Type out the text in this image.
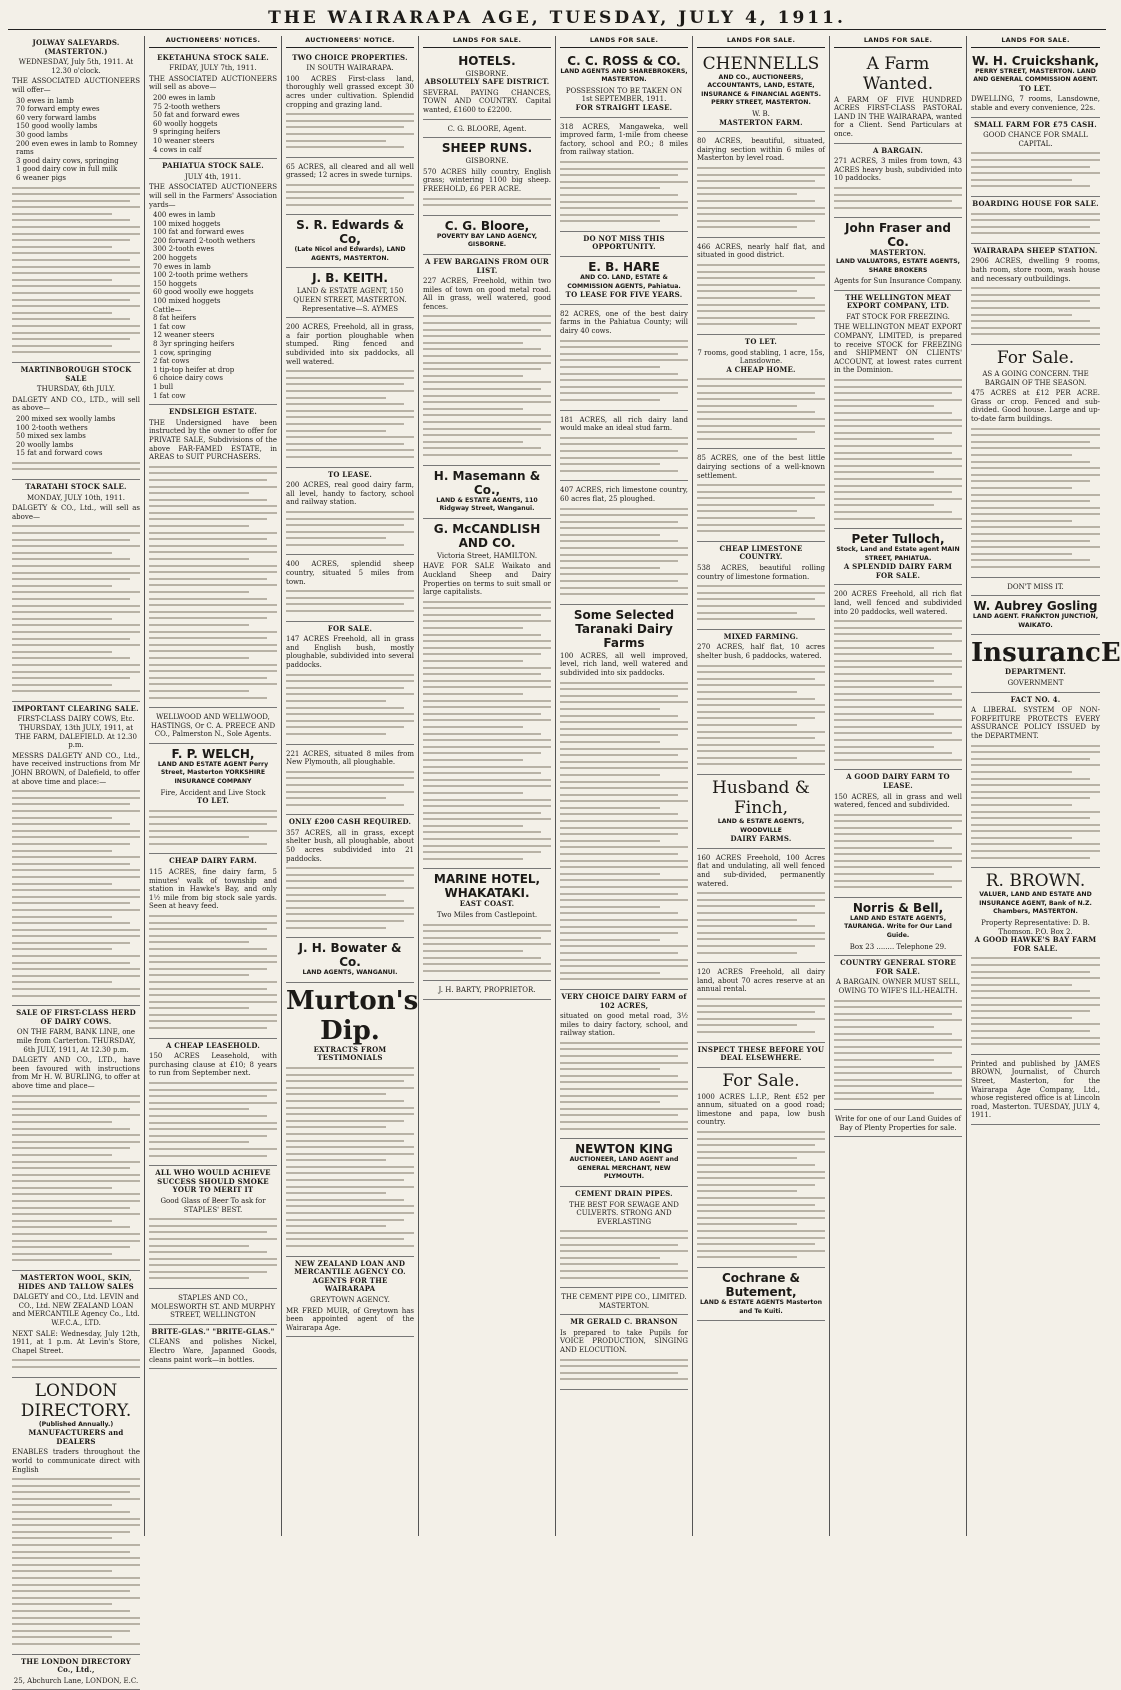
THE WAIRARAPA AGE, TUESDAY, JULY 4, 1911.
JOLWAY SALEYARDS. (MASTERTON.)
WEDNESDAY, July 5th, 1911. At 12.30 o'clock.
THE ASSOCIATED AUCTIONEERS will offer—
30 ewes in lamb
70 forward empty ewes
60 very forward lambs
150 good woolly lambs
30 good lambs
200 even ewes in lamb to Romney rams
3 good dairy cows, springing
1 good dairy cow in full milk
6 weaner pigs
MARTINBOROUGH STOCK SALE
THURSDAY, 6th JULY.
DALGETY AND CO., LTD., will sell as above—
200 mixed sex woolly lambs
100 2-tooth wethers
50 mixed sex lambs
20 woolly lambs
15 fat and forward cows
TARATAHI STOCK SALE.
MONDAY, JULY 10th, 1911.
DALGETY & CO., Ltd., will sell as above—
IMPORTANT CLEARING SALE.
FIRST-CLASS DAIRY COWS, Etc. THURSDAY, 13th JULY, 1911, at THE FARM, DALEFIELD. At 12.30 p.m.
MESSRS DALGETY AND CO., Ltd., have received instructions from Mr JOHN BROWN, of Dalefield, to offer at above time and place:—
SALE OF FIRST-CLASS HERD OF DAIRY COWS.
ON THE FARM, BANK LINE, one mile from Carterton. THURSDAY, 6th JULY, 1911, At 12.30 p.m.
DALGETY AND CO., LTD., have been favoured with instructions from Mr H. W. BURLING, to offer at above time and place—
MASTERTON WOOL, SKIN, HIDES AND TALLOW SALES
DALGETY and CO., Ltd. LEVIN and CO., Ltd. NEW ZEALAND LOAN and MERCANTILE Agency Co., Ltd. W.F.C.A., LTD.
NEXT SALE: Wednesday, July 12th, 1911, at 1 p.m. At Levin's Store, Chapel Street.
LONDON DIRECTORY.
(Published Annually.)
MANUFACTURERS and DEALERS
ENABLES traders throughout the world to communicate direct with English
THE LONDON DIRECTORY Co., Ltd.,
25, Abchurch Lane, LONDON, E.C.
AUCTIONEERS' NOTICES.
EKETAHUNA STOCK SALE.
FRIDAY, JULY 7th, 1911.
THE ASSOCIATED AUCTIONEERS will sell as above—
200 ewes in lamb
75 2-tooth wethers
50 fat and forward ewes
60 woolly hoggets
9 springing heifers
10 weaner steers
4 cows in calf
PAHIATUA STOCK SALE.
JULY 4th, 1911.
THE ASSOCIATED AUCTIONEERS will sell in the Farmers' Association yards—
400 ewes in lamb
100 mixed hoggets
100 fat and forward ewes
200 forward 2-tooth wethers
300 2-tooth ewes
200 hoggets
70 ewes in lamb
100 2-tooth prime wethers
150 hoggets
60 good woolly ewe hoggets
100 mixed hoggets
Cattle—
8 fat heifers
1 fat cow
12 weaner steers
8 3yr springing heifers
1 cow, springing
2 fat cows
1 tip-top heifer at drop
6 choice dairy cows
1 bull
1 fat cow
ENDSLEIGH ESTATE.
THE Undersigned have been instructed by the owner to offer for PRIVATE SALE, Subdivisions of the above FAR-FAMED ESTATE, in AREAS to SUIT PURCHASERS.
WELLWOOD AND WELLWOOD, HASTINGS, Or C. A. PREECE AND CO., Palmerston N., Sole Agents.
F. P. WELCH,
LAND AND ESTATE AGENT Perry Street, Masterton YORKSHIRE INSURANCE COMPANY
Fire, Accident and Live Stock
TO LET.
CHEAP DAIRY FARM.
115 ACRES, fine dairy farm, 5 minutes' walk of township and station in Hawke's Bay, and only 1½ mile from big stock sale yards. Seen at heavy feed.
A CHEAP LEASEHOLD.
150 ACRES Leasehold, with purchasing clause at £10; 8 years to run from September next.
ALL WHO WOULD ACHIEVE SUCCESS SHOULD SMOKE YOUR TO MERIT IT
Good Glass of Beer To ask for STAPLES' BEST.
STAPLES AND CO., MOLESWORTH ST. AND MURPHY STREET, WELLINGTON
BRITE-GLAS." "BRITE-GLAS."
CLEANS and polishes Nickel, Electro Ware, Japanned Goods, cleans paint work—in bottles.
AUCTIONEERS' NOTICE.
TWO CHOICE PROPERTIES.
IN SOUTH WAIRARAPA.
100 ACRES First-class land, thoroughly well grassed except 30 acres under cultivation. Splendid cropping and grazing land.
65 ACRES, all cleared and all well grassed; 12 acres in swede turnips.
S. R. Edwards & Co,
(Late Nicol and Edwards), LAND AGENTS, MASTERTON.
J. B. KEITH.
LAND & ESTATE AGENT, 150 QUEEN STREET, MASTERTON. Representative—S. AYMES
200 ACRES, Freehold, all in grass, a fair portion ploughable when stumped. Ring fenced and subdivided into six paddocks, all well watered.
TO LEASE.
200 ACRES, real good dairy farm, all level, handy to factory, school and railway station.
400 ACRES, splendid sheep country, situated 5 miles from town.
FOR SALE.
147 ACRES Freehold, all in grass and English bush, mostly ploughable, subdivided into several paddocks.
221 ACRES, situated 8 miles from New Plymouth, all ploughable.
ONLY £200 CASH REQUIRED.
357 ACRES, all in grass, except shelter bush, all ploughable, about 50 acres subdivided into 21 paddocks.
J. H. Bowater & Co.
LAND AGENTS, WANGANUI.
Murton's Dip.
EXTRACTS FROM TESTIMONIALS
NEW ZEALAND LOAN AND MERCANTILE AGENCY CO. AGENTS FOR THE WAIRARAPA
GREYTOWN AGENCY.
MR FRED MUIR, of Greytown has been appointed agent of the Wairarapa Age.
LANDS FOR SALE.
HOTELS.
GISBORNE.
ABSOLUTELY SAFE DISTRICT.
SEVERAL PAYING CHANCES, TOWN AND COUNTRY. Capital wanted, £1600 to £2200.
C. G. BLOORE, Agent.
SHEEP RUNS.
GISBORNE.
570 ACRES hilly country, English grass; wintering 1100 big sheep. FREEHOLD, £6 PER ACRE.
C. G. Bloore,
POVERTY BAY LAND AGENCY, GISBORNE.
A FEW BARGAINS FROM OUR LIST.
227 ACRES, Freehold, within two miles of town on good metal road. All in grass, well watered, good fences.
H. Masemann & Co.,
LAND & ESTATE AGENTS, 110 Ridgway Street, Wanganui.
G. McCANDLISH AND CO.
Victoria Street, HAMILTON.
HAVE FOR SALE Waikato and Auckland Sheep and Dairy Properties on terms to suit small or large capitalists.
MARINE HOTEL, WHAKATAKI.
EAST COAST.
Two Miles from Castlepoint.
J. H. BARTY, PROPRIETOR.
LANDS FOR SALE.
C. C. ROSS & CO.
LAND AGENTS AND SHAREBROKERS, MASTERTON.
POSSESSION TO BE TAKEN ON 1st SEPTEMBER, 1911.
FOR STRAIGHT LEASE.
318 ACRES, Mangaweka, well improved farm, 1-mile from cheese factory, school and P.O.; 8 miles from railway station.
DO NOT MISS THIS OPPORTUNITY.
E. B. HARE
AND CO. LAND, ESTATE & COMMISSION AGENTS, Pahiatua.
TO LEASE FOR FIVE YEARS.
82 ACRES, one of the best dairy farms in the Pahiatua County; will dairy 40 cows.
181 ACRES, all rich dairy land would make an ideal stud farm.
407 ACRES, rich limestone country, 60 acres flat, 25 ploughed.
Some Selected Taranaki Dairy Farms
100 ACRES, all well improved, level, rich land, well watered and subdivided into six paddocks.
VERY CHOICE DAIRY FARM of 102 ACRES,
situated on good metal road, 3½ miles to dairy factory, school, and railway station.
NEWTON KING
AUCTIONEER, LAND AGENT and GENERAL MERCHANT, NEW PLYMOUTH.
CEMENT DRAIN PIPES.
THE BEST FOR SEWAGE AND CULVERTS. STRONG AND EVERLASTING
THE CEMENT PIPE CO., LIMITED. MASTERTON.
MR GERALD C. BRANSON
Is prepared to take Pupils for VOICE PRODUCTION, SINGING AND ELOCUTION.
LANDS FOR SALE.
CHENNELLS
AND CO., AUCTIONEERS, ACCOUNTANTS, LAND, ESTATE, INSURANCE & FINANCIAL AGENTS. PERRY STREET, MASTERTON.
W. B.
MASTERTON FARM.
80 ACRES, beautiful, situated, dairying section within 6 miles of Masterton by level road.
466 ACRES, nearly half flat, and situated in good district.
TO LET.
7 rooms, good stabling, 1 acre, 15s, Lansdowne.
A CHEAP HOME.
85 ACRES, one of the best little dairying sections of a well-known settlement.
CHEAP LIMESTONE COUNTRY.
538 ACRES, beautiful rolling country of limestone formation.
MIXED FARMING.
270 ACRES, half flat, 10 acres shelter bush, 6 paddocks, watered.
Husband & Finch,
LAND & ESTATE AGENTS, WOODVILLE
DAIRY FARMS.
160 ACRES Freehold, 100 Acres flat and undulating, all well fenced and sub-divided, permanently watered.
120 ACRES Freehold, all dairy land, about 70 acres reserve at an annual rental.
INSPECT THESE BEFORE YOU DEAL ELSEWHERE.
For Sale.
1000 ACRES L.I.P., Rent £52 per annum, situated on a good road; limestone and papa, low bush country.
Cochrane & Butement,
LAND & ESTATE AGENTS Masterton and Te Kuiti.
LANDS FOR SALE.
A Farm Wanted.
A FARM OF FIVE HUNDRED ACRES FIRST-CLASS PASTORAL LAND IN THE WAIRARAPA, wanted for a Client. Send Particulars at once.
A BARGAIN.
271 ACRES, 3 miles from town, 43 ACRES heavy bush, subdivided into 10 paddocks.
John Fraser and Co.
MASTERTON.
LAND VALUATORS, ESTATE AGENTS, SHARE BROKERS
Agents for Sun Insurance Company.
THE WELLINGTON MEAT EXPORT COMPANY, LTD.
FAT STOCK FOR FREEZING.
THE WELLINGTON MEAT EXPORT COMPANY, LIMITED, is prepared to receive STOCK for FREEZING and SHIPMENT ON CLIENTS' ACCOUNT, at lowest rates current in the Dominion.
Peter Tulloch,
Stock, Land and Estate agent MAIN STREET, PAHIATUA.
A SPLENDID DAIRY FARM FOR SALE.
200 ACRES Freehold, all rich flat land, well fenced and subdivided into 20 paddocks, well watered.
A GOOD DAIRY FARM TO LEASE.
150 ACRES, all in grass and well watered, fenced and subdivided.
Norris & Bell,
LAND AND ESTATE AGENTS, TAURANGA. Write for Our Land Guide.
Box 23 ........ Telephone 29.
COUNTRY GENERAL STORE FOR SALE.
A BARGAIN. OWNER MUST SELL, OWING TO WIFE'S ILL-HEALTH.
Write for one of our Land Guides of Bay of Plenty Properties for sale.
LANDS FOR SALE.
W. H. Cruickshank,
PERRY STREET, MASTERTON. LAND AND GENERAL COMMISSION AGENT.
TO LET.
DWELLING, 7 rooms, Lansdowne, stable and every convenience, 22s.
SMALL FARM FOR £75 CASH.
GOOD CHANCE FOR SMALL CAPITAL.
BOARDING HOUSE FOR SALE.
WAIRARAPA SHEEP STATION.
2906 ACRES, dwelling 9 rooms, bath room, store room, wash house and necessary outbuildings.
For Sale.
AS A GOING CONCERN. THE BARGAIN OF THE SEASON.
475 ACRES at £12 PER ACRE. Grass or crop. Fenced and sub-divided. Good house. Large and up-to-date farm buildings.
DON'T MISS IT.
W. Aubrey Gosling
LAND AGENT. FRANKTON JUNCTION, WAIKATO.
InsurancE
DEPARTMENT.
GOVERNMENT
FACT NO. 4.
A LIBERAL SYSTEM OF NON-FORFEITURE PROTECTS EVERY ASSURANCE POLICY ISSUED by the DEPARTMENT.
R. BROWN.
VALUER, LAND AND ESTATE AND INSURANCE AGENT, Bank of N.Z. Chambers, MASTERTON.
Property Representative: D. B. Thomson. P.O. Box 2.
A GOOD HAWKE'S BAY FARM FOR SALE.
Printed and published by JAMES BROWN, Journalist, of Church Street, Masterton, for the Wairarapa Age Company, Ltd., whose registered office is at Lincoln road, Masterton. TUESDAY, JULY 4, 1911.
